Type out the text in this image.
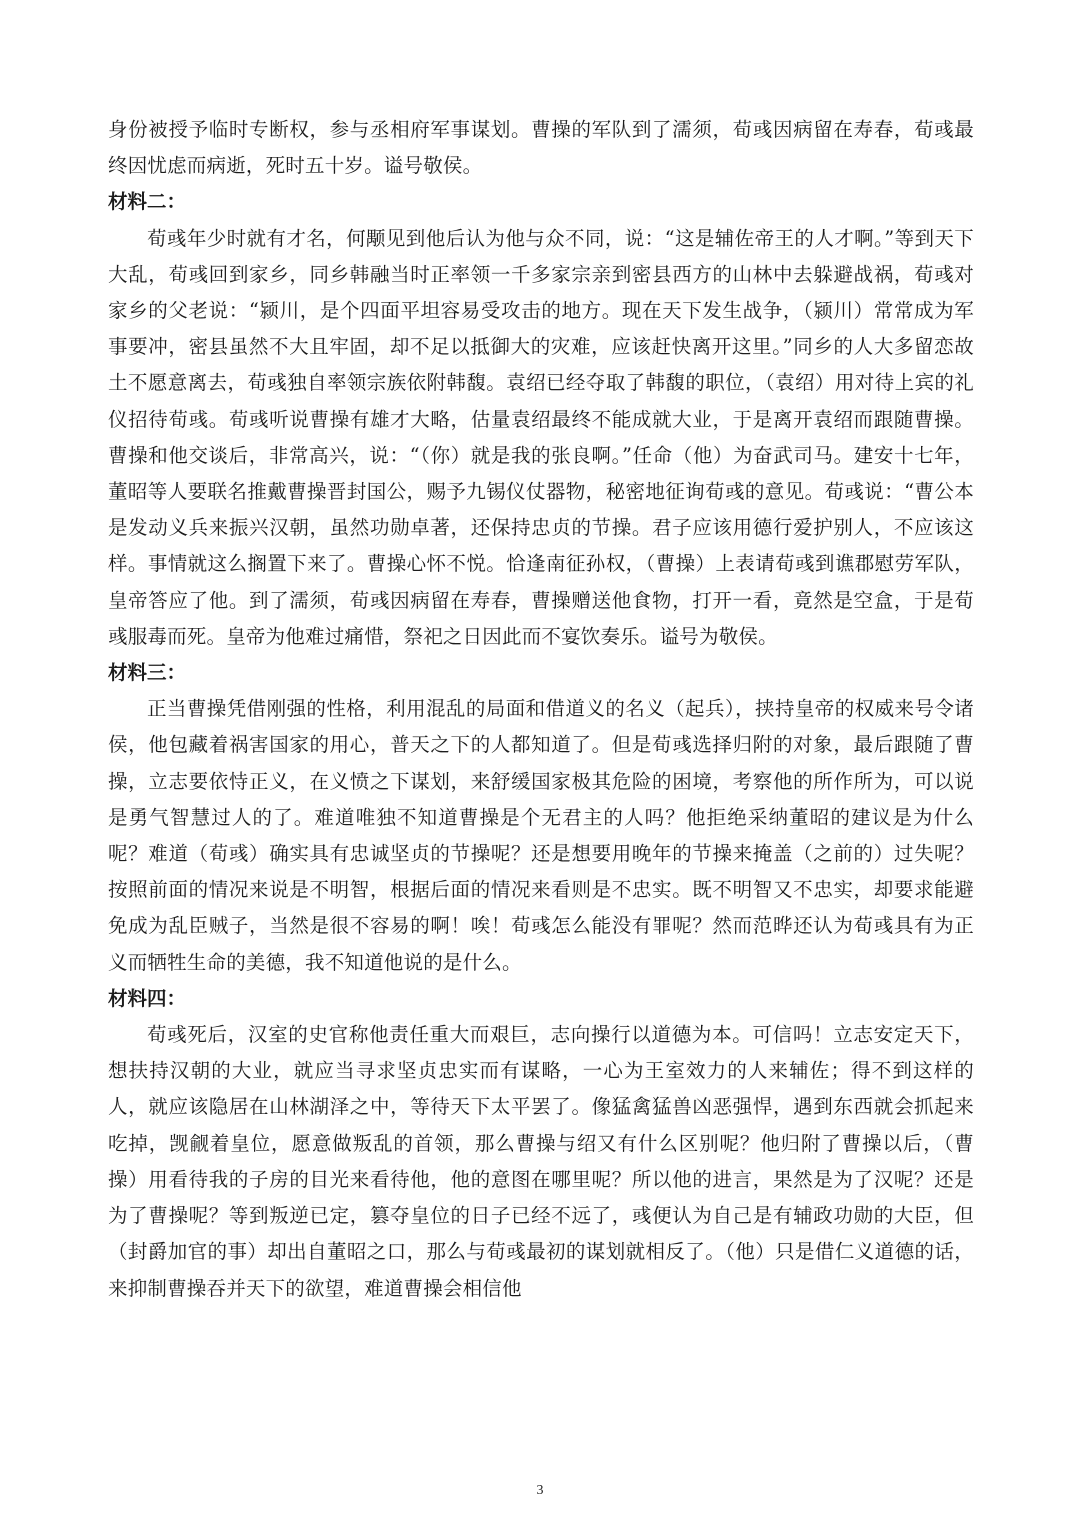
身份被授予临时专断权，参与丞相府军事谋划。曹操的军队到了濡须，荀彧因病留在寿春，荀彧最终因忧虑而病逝，死时五十岁。谥号敬侯。

材料二：

荀彧年少时就有才名，何颙见到他后认为他与众不同，说：“这是辅佐帝王的人才啊。”等到天下大乱，荀彧回到家乡，同乡韩融当时正率领一千多家宗亲到密县西方的山林中去躲避战祸，荀彧对家乡的父老说：“颍川，是个四面平坦容易受攻击的地方。现在天下发生战争，（颍川）常常成为军事要冲，密县虽然不大且牢固，却不足以抵御大的灾难，应该赶快离开这里。”同乡的人大多留恋故土不愿意离去，荀彧独自率领宗族依附韩馥。袁绍已经夺取了韩馥的职位，（袁绍）用对待上宾的礼仪招待荀彧。荀彧听说曹操有雄才大略，估量袁绍最终不能成就大业，于是离开袁绍而跟随曹操。曹操和他交谈后，非常高兴，说：“（你）就是我的张良啊。”任命（他）为奋武司马。建安十七年，董昭等人要联名推戴曹操晋封国公，赐予九锡仪仗器物，秘密地征询荀彧的意见。荀彧说：“曹公本是发动义兵来振兴汉朝，虽然功勋卓著，还保持忠贞的节操。君子应该用德行爱护别人，不应该这样。事情就这么搁置下来了。曹操心怀不悦。恰逢南征孙权，（曹操）上表请荀彧到谯郡慰劳军队，皇帝答应了他。到了濡须，荀彧因病留在寿春，曹操赠送他食物，打开一看，竟然是空盒，于是荀彧服毒而死。皇帝为他难过痛惜，祭祀之日因此而不宴饮奏乐。谥号为敬侯。

材料三：

正当曹操凭借刚强的性格，利用混乱的局面和借道义的名义（起兵），挟持皇帝的权威来号令诸侯，他包藏着祸害国家的用心，普天之下的人都知道了。但是荀彧选择归附的对象，最后跟随了曹操，立志要依恃正义，在义愤之下谋划，来舒缓国家极其危险的困境，考察他的所作所为，可以说是勇气智慧过人的了。难道唯独不知道曹操是个无君主的人吗？他拒绝采纳董昭的建议是为什么呢？难道（荀彧）确实具有忠诚坚贞的节操呢？还是想要用晚年的节操来掩盖（之前的）过失呢？按照前面的情况来说是不明智，根据后面的情况来看则是不忠实。既不明智又不忠实，却要求能避免成为乱臣贼子，当然是很不容易的啊！唉！荀彧怎么能没有罪呢？然而范晔还认为荀彧具有为正义而牺牲生命的美德，我不知道他说的是什么。

材料四：

荀彧死后，汉室的史官称他责任重大而艰巨，志向操行以道德为本。可信吗！立志安定天下，想扶持汉朝的大业，就应当寻求坚贞忠实而有谋略，一心为王室效力的人来辅佐；得不到这样的人，就应该隐居在山林湖泽之中，等待天下太平罢了。像猛禽猛兽凶恶强悍，遇到东西就会抓起来吃掉，觊觎着皇位，愿意做叛乱的首领，那么曹操与绍又有什么区别呢？他归附了曹操以后，（曹操）用看待我的子房的目光来看待他，他的意图在哪里呢？所以他的进言，果然是为了汉呢？还是为了曹操呢？等到叛逆已定，篡夺皇位的日子已经不远了，彧便认为自己是有辅政功勋的大臣，但（封爵加官的事）却出自董昭之口，那么与荀彧最初的谋划就相反了。（他）只是借仁义道德的话，来抑制曹操吞并天下的欲望，难道曹操会相信他

3
